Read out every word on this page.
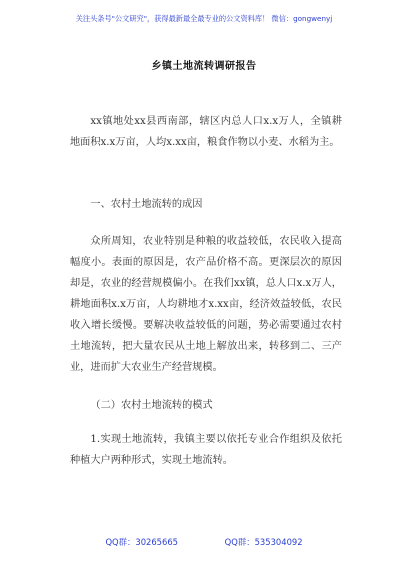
关注头条号"公文研究"，获得最新最全最专业的公文资料库！ 微信：gongwenyj
乡镇土地流转调研报告

xx镇地处xx县西南部，辖区内总人口x.x万人，全镇耕地面积x.x万亩，人均x.xx亩，粮食作物以小麦、水稻为主。

一、农村土地流转的成因

众所周知，农业特别是种粮的收益较低，农民收入提高幅度小。表面的原因是，农产品价格不高。更深层次的原因却是，农业的经营规模偏小。在我们xx镇，总人口x.x万人，耕地面积x.x万亩，人均耕地才x.xx亩，经济效益较低，农民收入增长缓慢。要解决收益较低的问题，势必需要通过农村土地流转，把大量农民从土地上解放出来，转移到二、三产业，进而扩大农业生产经营规模。

（二）农村土地流转的模式

1.实现土地流转，我镇主要以依托专业合作组织及依托种植大户两种形式，实现土地流转。

QQ群：30265665	QQ群：535304092
